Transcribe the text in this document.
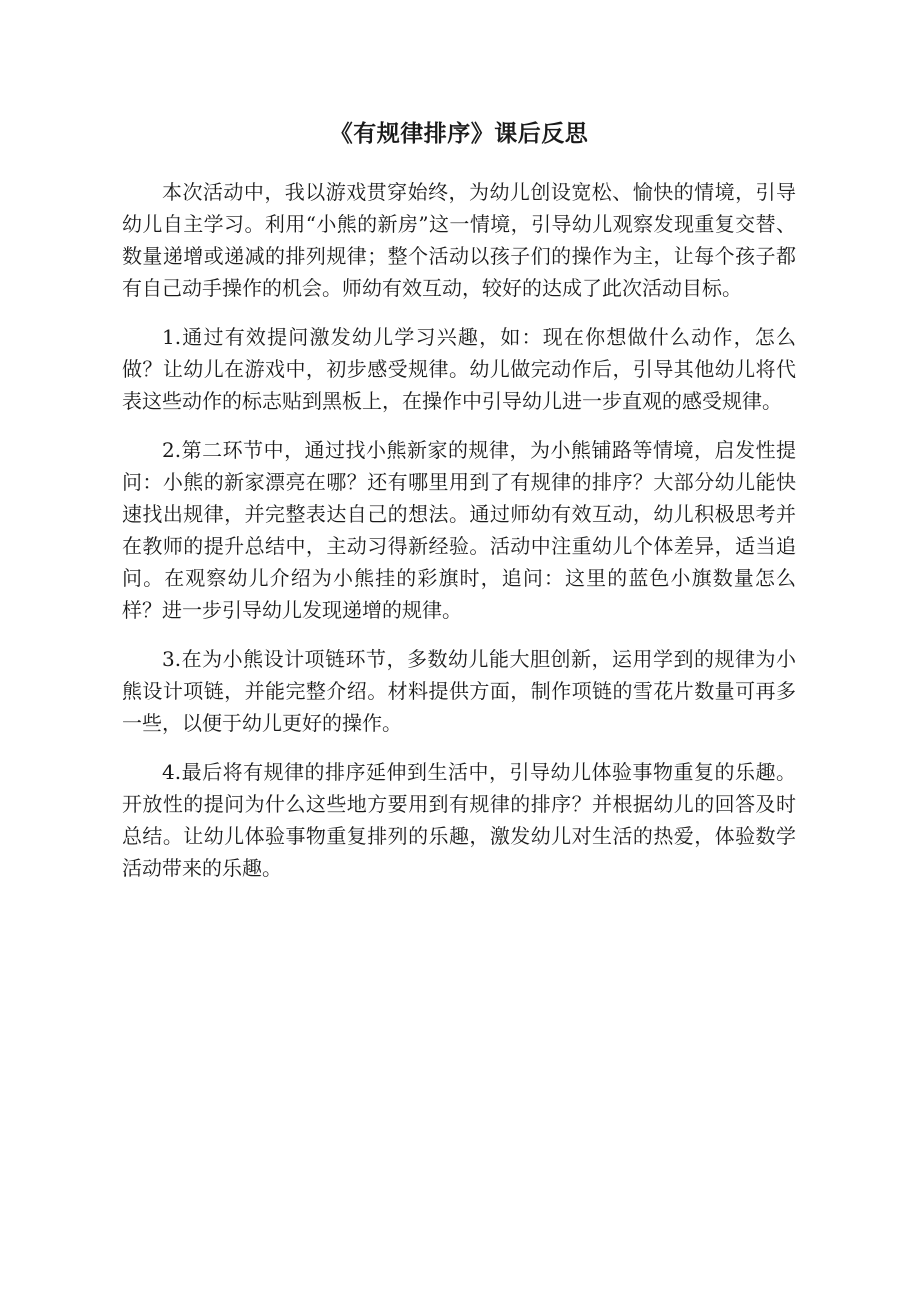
《有规律排序》课后反思

本次活动中，我以游戏贯穿始终，为幼儿创设宽松、愉快的情境，引导幼儿自主学习。利用“小熊的新房”这一情境，引导幼儿观察发现重复交替、数量递增或递减的排列规律；整个活动以孩子们的操作为主，让每个孩子都有自己动手操作的机会。师幼有效互动，较好的达成了此次活动目标。

1.通过有效提问激发幼儿学习兴趣，如：现在你想做什么动作，怎么做？让幼儿在游戏中，初步感受规律。幼儿做完动作后，引导其他幼儿将代表这些动作的标志贴到黑板上，在操作中引导幼儿进一步直观的感受规律。

2.第二环节中，通过找小熊新家的规律，为小熊铺路等情境，启发性提问：小熊的新家漂亮在哪？还有哪里用到了有规律的排序？大部分幼儿能快速找出规律，并完整表达自己的想法。通过师幼有效互动，幼儿积极思考并在教师的提升总结中，主动习得新经验。活动中注重幼儿个体差异，适当追问。在观察幼儿介绍为小熊挂的彩旗时，追问：这里的蓝色小旗数量怎么样？进一步引导幼儿发现递增的规律。

3.在为小熊设计项链环节，多数幼儿能大胆创新，运用学到的规律为小熊设计项链，并能完整介绍。材料提供方面，制作项链的雪花片数量可再多一些，以便于幼儿更好的操作。

4.最后将有规律的排序延伸到生活中，引导幼儿体验事物重复的乐趣。开放性的提问为什么这些地方要用到有规律的排序？并根据幼儿的回答及时总结。让幼儿体验事物重复排列的乐趣，激发幼儿对生活的热爱，体验数学活动带来的乐趣。
